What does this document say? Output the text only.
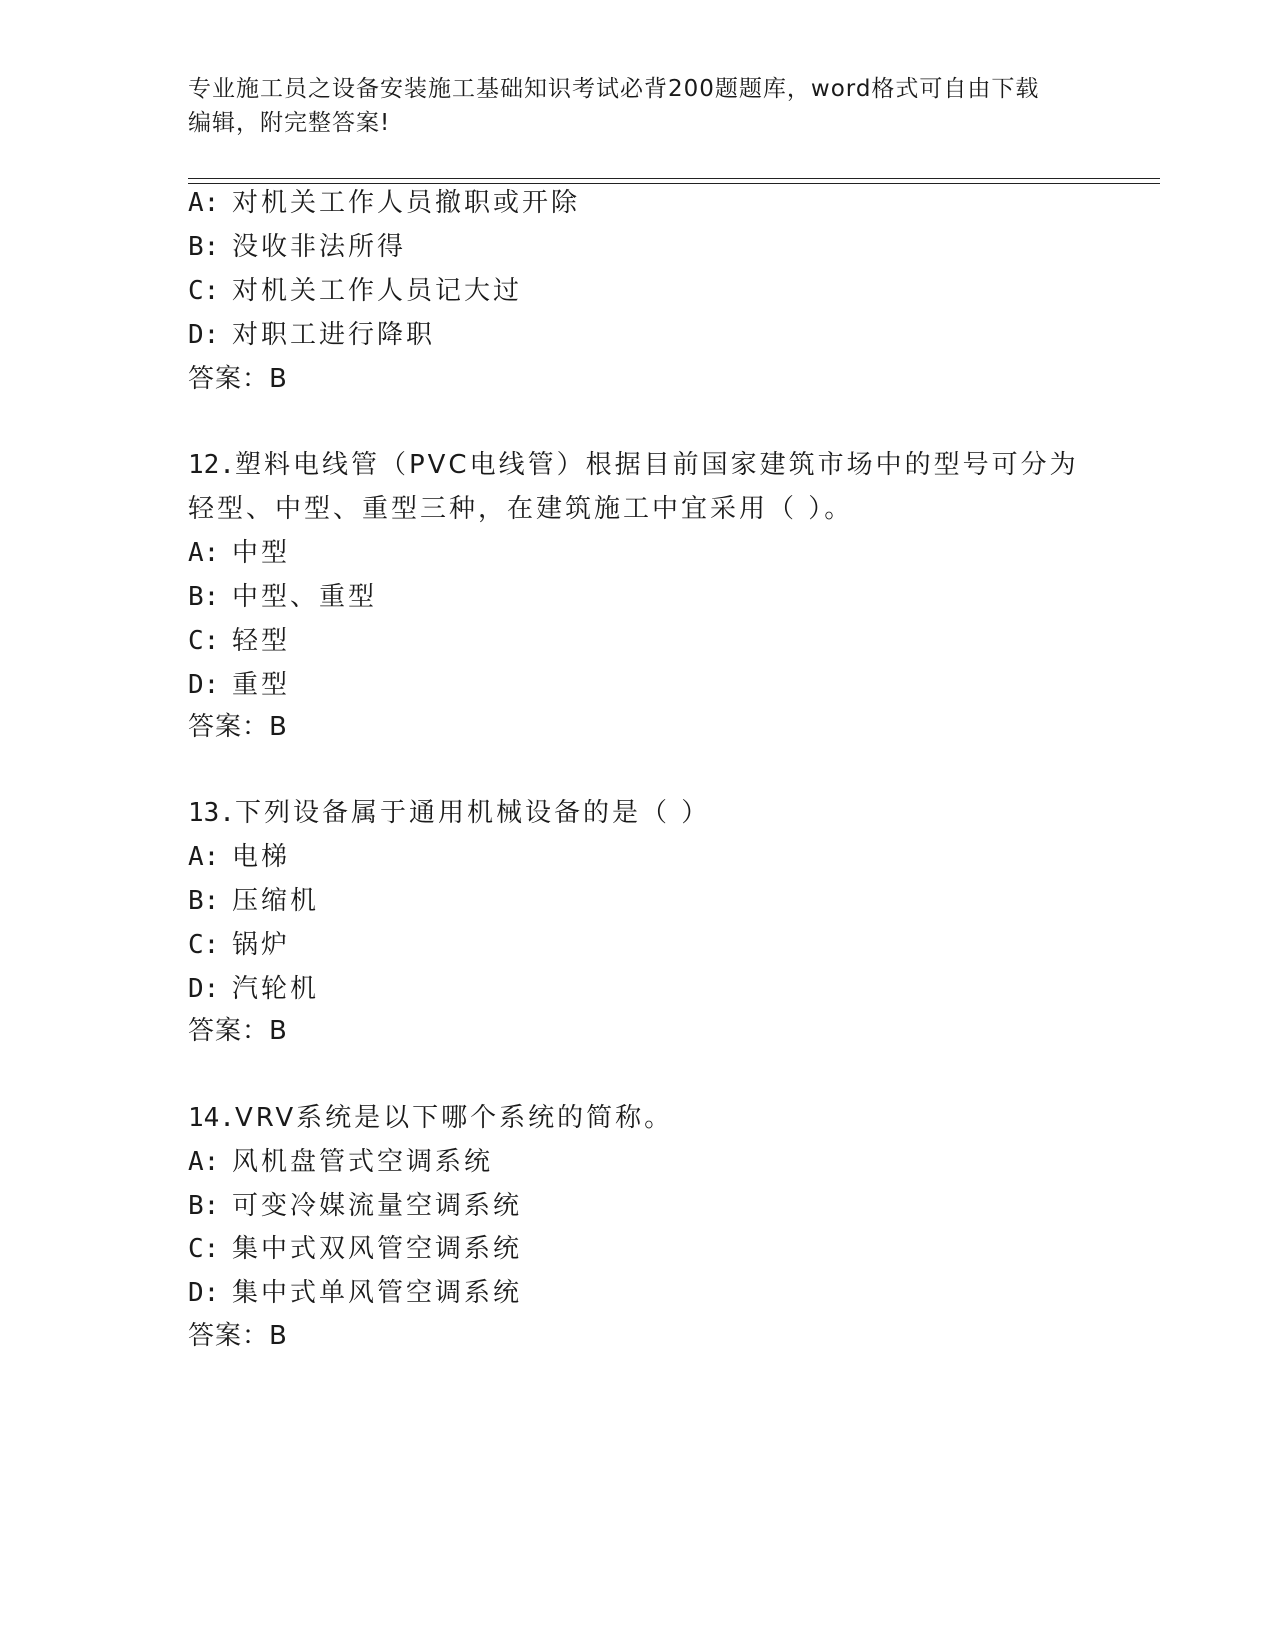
专业施工员之设备安装施工基础知识考试必背200题题库，word格式可自由下载
编辑，附完整答案!
A: 对机关工作人员撤职或开除
B: 没收非法所得
C: 对机关工作人员记大过
D: 对职工进行降职
答案：B
12.塑料电线管（PVC电线管）根据目前国家建筑市场中的型号可分为
轻型、中型、重型三种，在建筑施工中宜采用（ ）。
A: 中型
B: 中型、重型
C: 轻型
D: 重型
答案：B
13.下列设备属于通用机械设备的是（ ）
A: 电梯
B: 压缩机
C: 锅炉
D: 汽轮机
答案：B
14.VRV系统是以下哪个系统的简称。
A: 风机盘管式空调系统
B: 可变冷媒流量空调系统
C: 集中式双风管空调系统
D: 集中式单风管空调系统
答案：B
